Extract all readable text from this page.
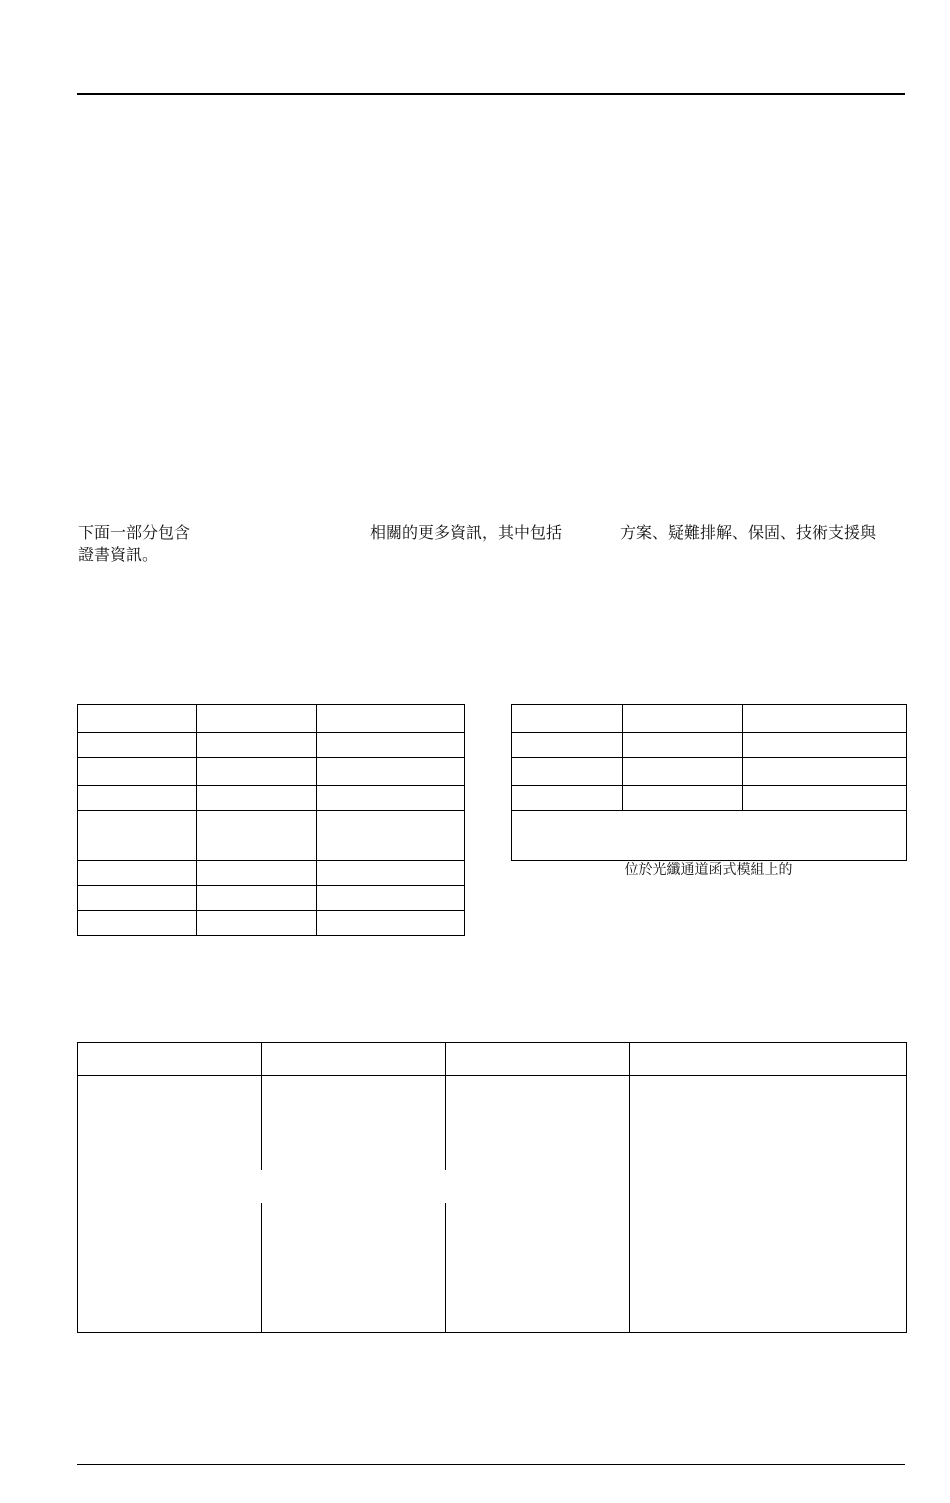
下面一部分包含	相關的更多資訊，其中包括	方案、疑難排解、保固、技術支援與
證書資訊。

位於光纖通道函式模組上的
